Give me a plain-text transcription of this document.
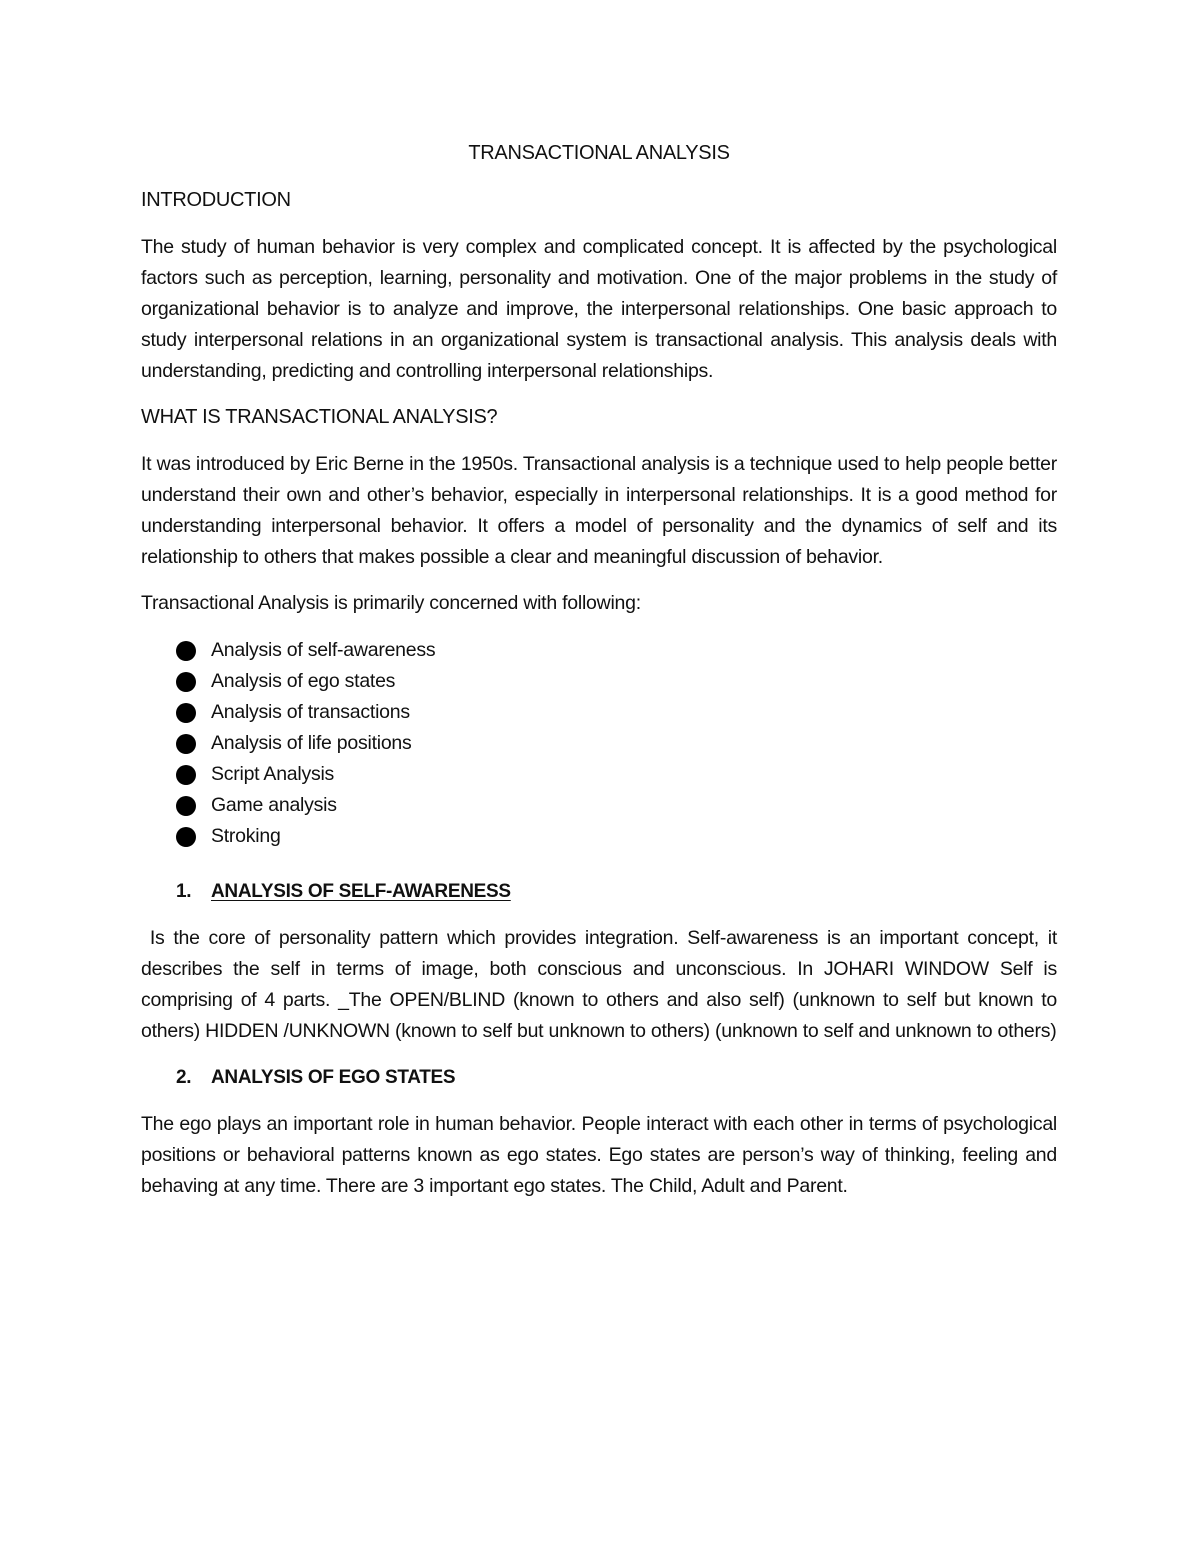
TRANSACTIONAL ANALYSIS
INTRODUCTION

The study of human behavior is very complex and complicated concept. It is affected by the psychological factors such as perception, learning, personality and motivation. One of the major problems in the study of organizational behavior is to analyze and improve, the interpersonal relationships. One basic approach to study interpersonal relations in an organizational system is transactional analysis. This analysis deals with understanding, predicting and controlling interpersonal relationships.

WHAT IS TRANSACTIONAL ANALYSIS?

It was introduced by Eric Berne in the 1950s. Transactional analysis is a technique used to help people better understand their own and other’s behavior, especially in interpersonal relationships. It is a good method for understanding interpersonal behavior. It offers a model of personality and the dynamics of self and its relationship to others that makes possible a clear and meaningful discussion of behavior.

Transactional Analysis is primarily concerned with following:

Analysis of self-awareness
Analysis of ego states
Analysis of transactions
Analysis of life positions
Script Analysis
Game analysis
Stroking
1.	ANALYSIS OF SELF-AWARENESS

Is the core of personality pattern which provides integration. Self-awareness is an important concept, it describes the self in terms of image, both conscious and unconscious. In JOHARI WINDOW Self is comprising of 4 parts. _The OPEN/BLIND (known to others and also self) (unknown to self but known to others) HIDDEN /UNKNOWN (known to self but unknown to others) (unknown to self and unknown to others)

2.	ANALYSIS OF EGO STATES

The ego plays an important role in human behavior. People interact with each other in terms of psychological positions or behavioral patterns known as ego states. Ego states are person’s way of thinking, feeling and behaving at any time. There are 3 important ego states. The Child, Adult and Parent.
